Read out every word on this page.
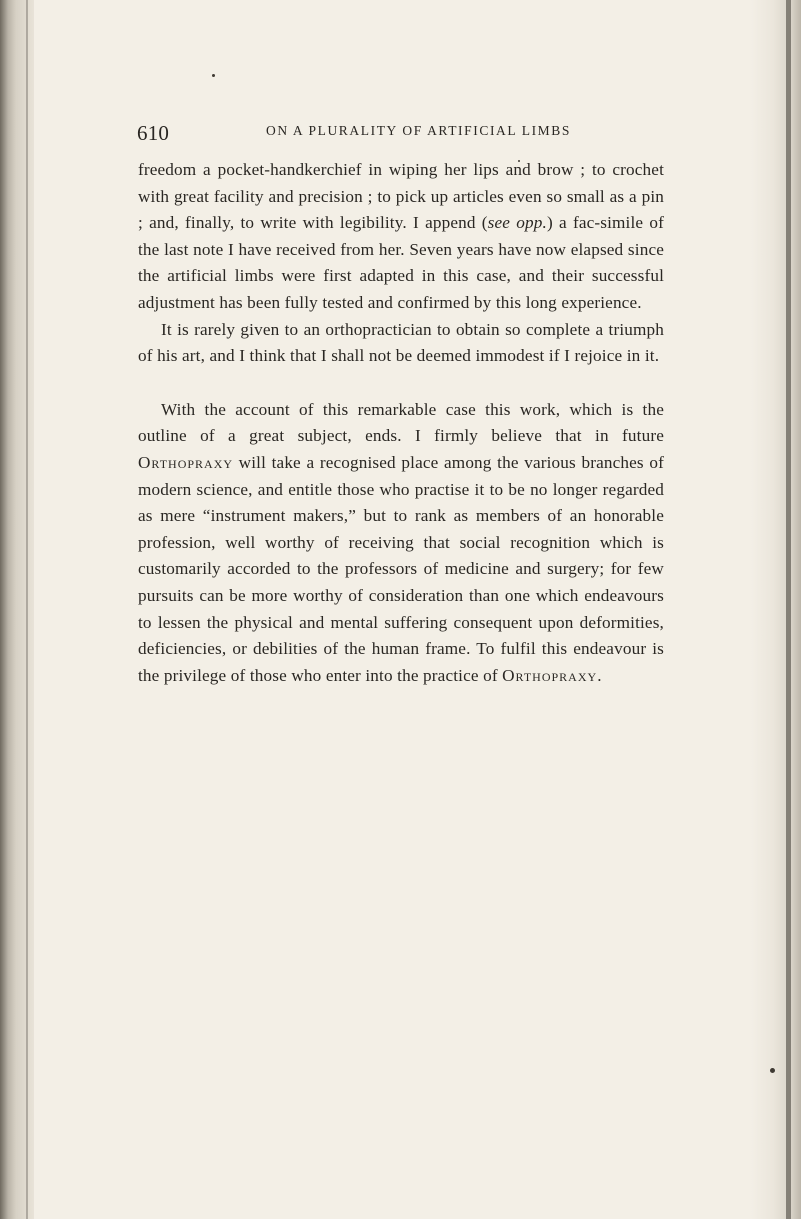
610	ON A PLURALITY OF ARTIFICIAL LIMBS

freedom a pocket-handkerchief in wiping her lips and brow ; to crochet with great facility and precision ; to pick up articles even so small as a pin ; and, finally, to write with legibility. I append (see opp.) a fac-simile of the last note I have received from her. Seven years have now elapsed since the artificial limbs were first adapted in this case, and their successful adjustment has been fully tested and confirmed by this long experience.

It is rarely given to an orthopractician to obtain so complete a triumph of his art, and I think that I shall not be deemed immodest if I rejoice in it.

With the account of this remarkable case this work, which is the outline of a great subject, ends. I firmly believe that in future Orthopraxy will take a recognised place among the various branches of modern science, and entitle those who practise it to be no longer regarded as mere “instrument makers,” but to rank as members of an honorable profession, well worthy of receiving that social recognition which is customarily accorded to the professors of medicine and surgery; for few pursuits can be more worthy of consideration than one which endeavours to lessen the physical and mental suffering consequent upon deformities, deficiencies, or debilities of the human frame. To fulfil this endeavour is the privilege of those who enter into the practice of Orthopraxy.
